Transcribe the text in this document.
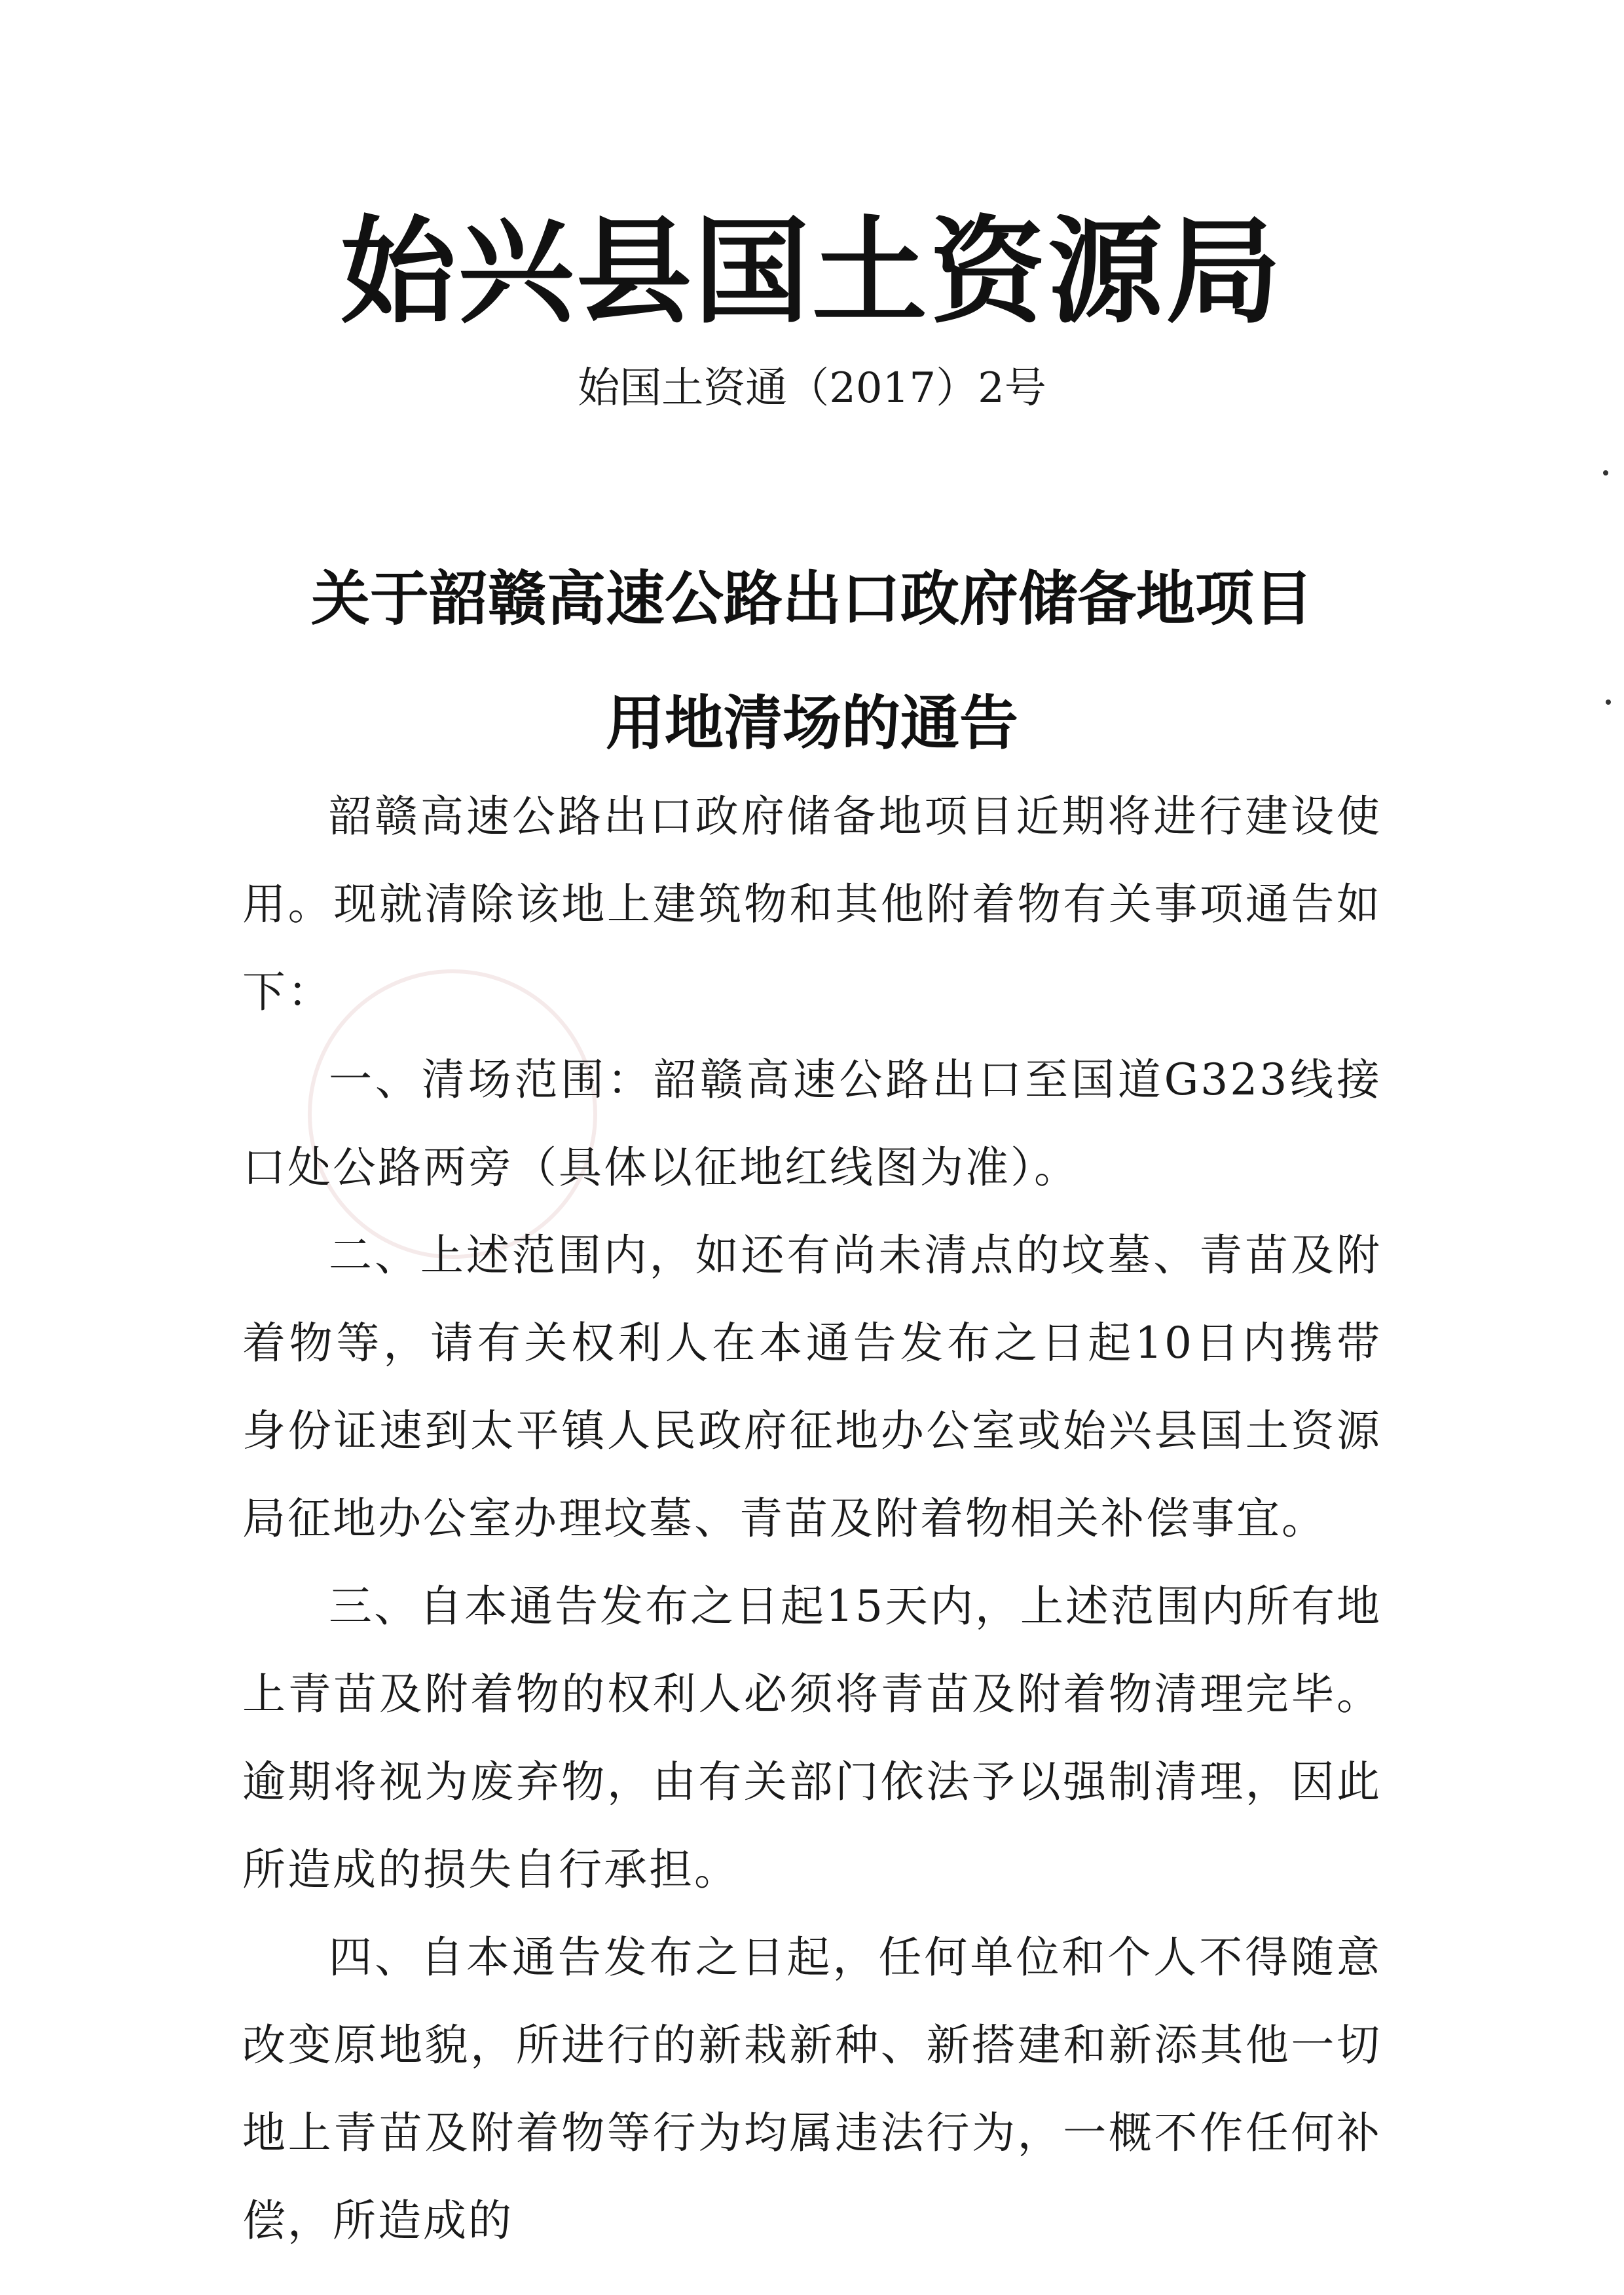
始兴县国土资源局
始国土资通（2017）2号
关于韶赣高速公路出口政府储备地项目
用地清场的通告

韶赣高速公路出口政府储备地项目近期将进行建设使用。现就清除该地上建筑物和其他附着物有关事项通告如下：

一、清场范围：韶赣高速公路出口至国道G323线接口处公路两旁（具体以征地红线图为准）。

二、上述范围内，如还有尚未清点的坟墓、青苗及附着物等，请有关权利人在本通告发布之日起10日内携带身份证速到太平镇人民政府征地办公室或始兴县国土资源局征地办公室办理坟墓、青苗及附着物相关补偿事宜。

三、自本通告发布之日起15天内，上述范围内所有地上青苗及附着物的权利人必须将青苗及附着物清理完毕。逾期将视为废弃物，由有关部门依法予以强制清理，因此所造成的损失自行承担。

四、自本通告发布之日起，任何单位和个人不得随意改变原地貌，所进行的新栽新种、新搭建和新添其他一切地上青苗及附着物等行为均属违法行为，一概不作任何补偿，所造成的
